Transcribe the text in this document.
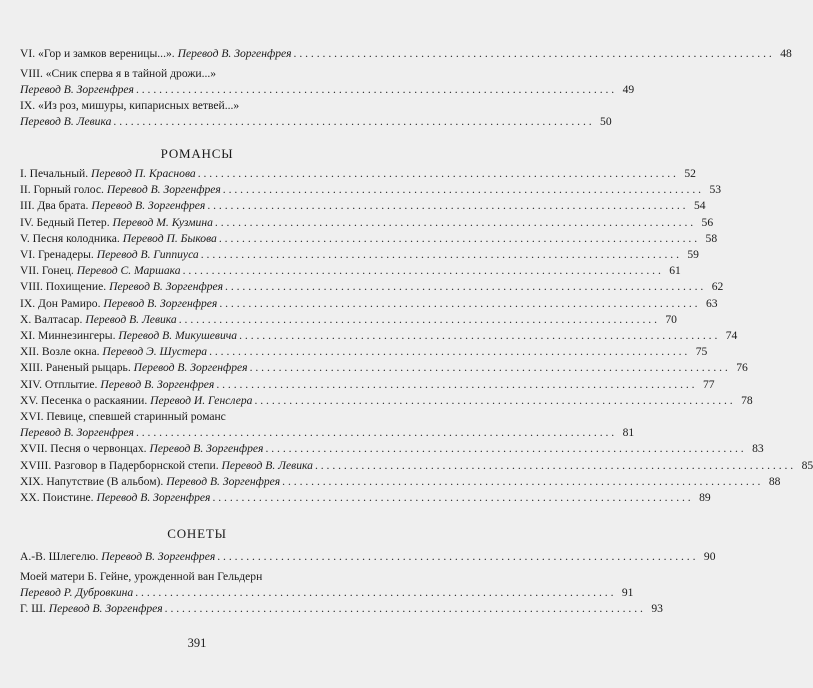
VI. «Гор и замков вереницы...». Перевод В. Зоргенфрея . . .	48
VIII. «Сник сперва я в тайной дрожи...»
Перевод В. Зоргенфрея . . .	49
IX. «Из роз, мишуры, кипарисных ветвей...»
Перевод В. Левика . . .	50
РОМАНСЫ
I. Печальный. Перевод П. Краснова . . .	52
II. Горный голос. Перевод В. Зоргенфрея . . .	53
III. Два брата. Перевод В. Зоргенфрея . . .	54
IV. Бедный Петер. Перевод М. Кузмина . . .	56
V. Песня колодника. Перевод П. Быкова . . .	58
VI. Гренадеры. Перевод В. Гиппиуса . . .	59
VII. Гонец. Перевод С. Маршака . . .	61
VIII. Похищение. Перевод В. Зоргенфрея . . .	62
IX. Дон Рамиро. Перевод В. Зоргенфрея . . .	63
X. Валтасар. Перевод В. Левика . . .	70
XI. Миннезингеры. Перевод В. Микушевича . . .	74
XII. Возле окна. Перевод Э. Шустера . . .	75
XIII. Раненый рыцарь. Перевод В. Зоргенфрея . . .	76
XIV. Отплытие. Перевод В. Зоргенфрея . . .	77
XV. Песенка о раскаянии. Перевод И. Генслера . . .	78
XVI. Певице, спевшей старинный романс
Перевод В. Зоргенфрея . . .	81
XVII. Песня о червонцах. Перевод В. Зоргенфрея . . .	83
XVIII. Разговор в Падерборнской степи. Перевод В. Левика . . .	85
XIX. Напутствие (В альбом). Перевод В. Зоргенфрея . . .	88
XX. Поистине. Перевод В. Зоргенфрея . . .	89
СОНЕТЫ
А.-В. Шлегелю. Перевод В. Зоргенфрея . . .	90
Моей матери Б. Гейне, урожденной ван Гельдерн
Перевод Р. Дубровкина . . .	91
Г. Ш. Перевод В. Зоргенфрея . . .	93
391
